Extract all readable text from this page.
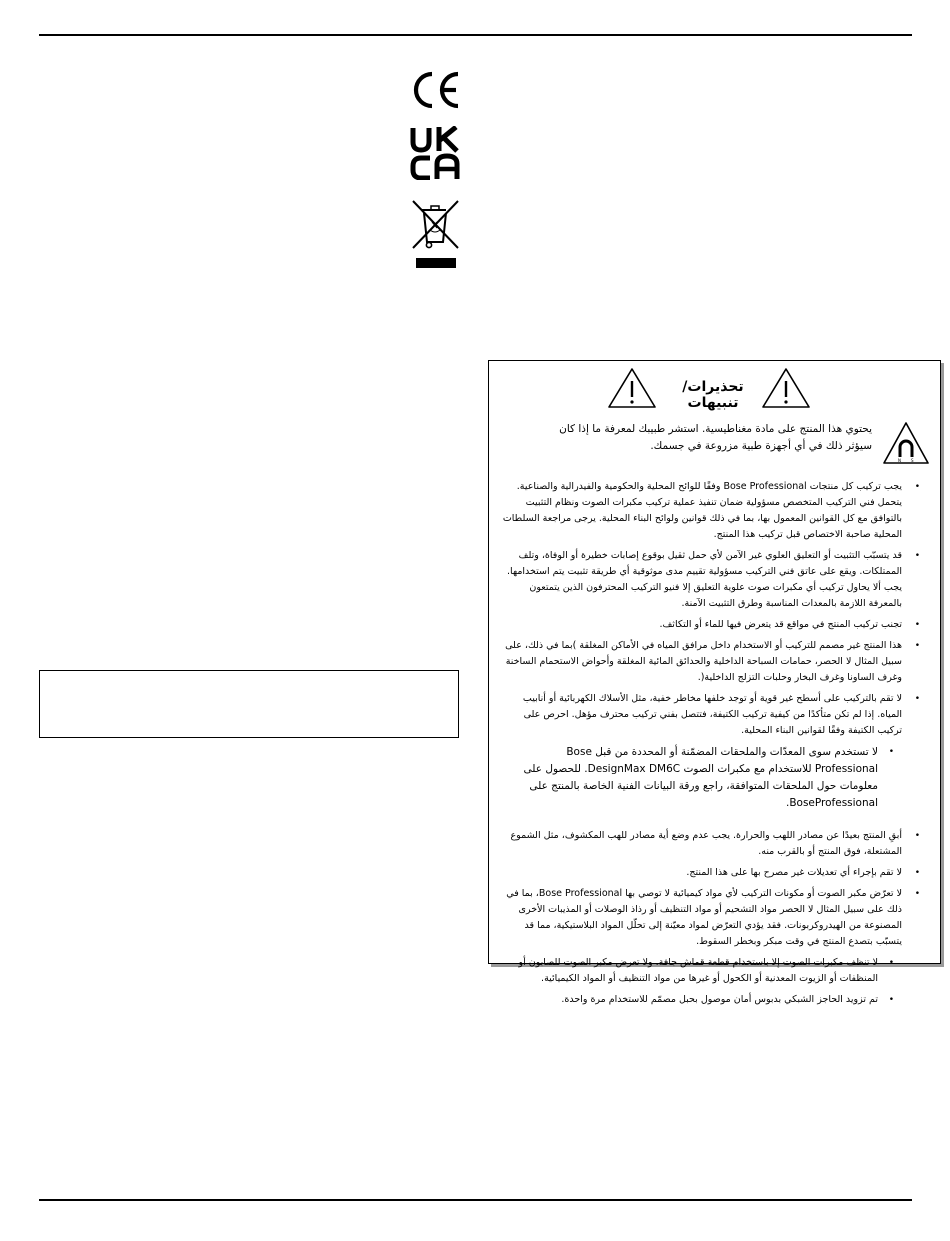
تحذيرات/تنبيهات
N	S
يحتوي هذا المنتج على مادة مغناطيسية. استشر طبيبك لمعرفة ما إذا كان سيؤثر ذلك في أي أجهزة طبية مزروعة في جسمك.
•
يجب تركيب كل منتجات Bose Professional وفقًا للوائح المحلية والحكومية والفيدرالية والصناعية. يتحمل فني التركيب المتخصص مسؤولية ضمان تنفيذ عملية تركيب مكبرات الصوت ونظام التثبيت بالتوافق مع كل القوانين المعمول بها، بما في ذلك قوانين ولوائح البناء المحلية. يرجى مراجعة السلطات المحلية صاحبة الاختصاص قبل تركيب هذا المنتج.
•
قد يتسبّب التثبيت أو التعليق العلوي غير الآمن لأي حمل ثقيل بوقوع إصابات خطيرة أو الوفاة، وتلف الممتلكات. ويقع على عاتق فني التركيب مسؤولية تقييم مدى موثوقية أي طريقة تثبيت يتم استخدامها. يجب ألا يحاول تركيب أي مكبرات صوت علوية التعليق إلا فنيو التركيب المحترفون الذين يتمتعون بالمعرفة اللازمة بالمعدات المناسبة وطرق التثبيت الآمنة.
•
تجنب تركيب المنتج في مواقع قد يتعرض فيها للماء أو التكاثف.
•
هذا المنتج غير مصمم للتركيب أو الاستخدام داخل مرافق المياه في الأماكن المغلقة )بما في ذلك، على سبيل المثال لا الحصر، حمامات السباحة الداخلية والحدائق المائية المغلقة وأحواض الاستحمام الساخنة وغرف الساونا وغرف البخار وحلبات التزلج الداخلية(.
•
لا تقم بالتركيب على أسطح غير قوية أو توجد خلفها مخاطر خفية، مثل الأسلاك الكهربائية أو أنابيب المياه. إذا لم تكن متأكدًا من كيفية تركيب الكتيفة، فتتصل بفني تركيب محترف مؤهل. احرص على تركيب الكتيفة وفقًا لقوانين البناء المحلية.
•
لا تستخدم سوى المعدّات والملحقات المضمّنة أو المحددة من قبل Bose Professional للاستخدام مع مكبرات الصوت DesignMax DM6C. للحصول على معلومات حول الملحقات المتوافقة، راجع ورقة البيانات الفنية الخاصة بالمنتج على BoseProfessional.
•
أبقِ المنتج بعيدًا عن مصادر اللهب والحرارة. يجب عدم وضع أية مصادر للهب المكشوف، مثل الشموع المشتعلة، فوق المنتج أو بالقرب منه.
•
لا تقم بإجراء أي تعديلات غير مصرح بها على هذا المنتج.
•
لا تعرّض مكبر الصوت أو مكونات التركيب لأي مواد كيميائية لا توصي بها Bose Professional، بما في ذلك على سبيل المثال لا الحصر مواد التشحيم أو مواد التنظيف أو رذاذ الوصلات أو المذيبات الأخرى المصنوعة من الهيدروكربونات. فقد يؤدي التعرّض لمواد معيّنة إلى تحلّل المواد البلاستيكية، مما قد يتسبّب بتصدع المنتج في وقت مبكر وبخطر السقوط.
•
لا تنظف مكبرات الصوت إلا باستخدام قطعة قماش جافة. ولا تعرض مكبر الصوت للصابون أو المنظفات أو الزيوت المعدنية أو الكحول أو غيرها من مواد التنظيف أو المواد الكيميائية.
•
تم تزويد الحاجز الشبكي بدبوس أمان موصول بحبل مصمّم للاستخدام مرة واحدة.
